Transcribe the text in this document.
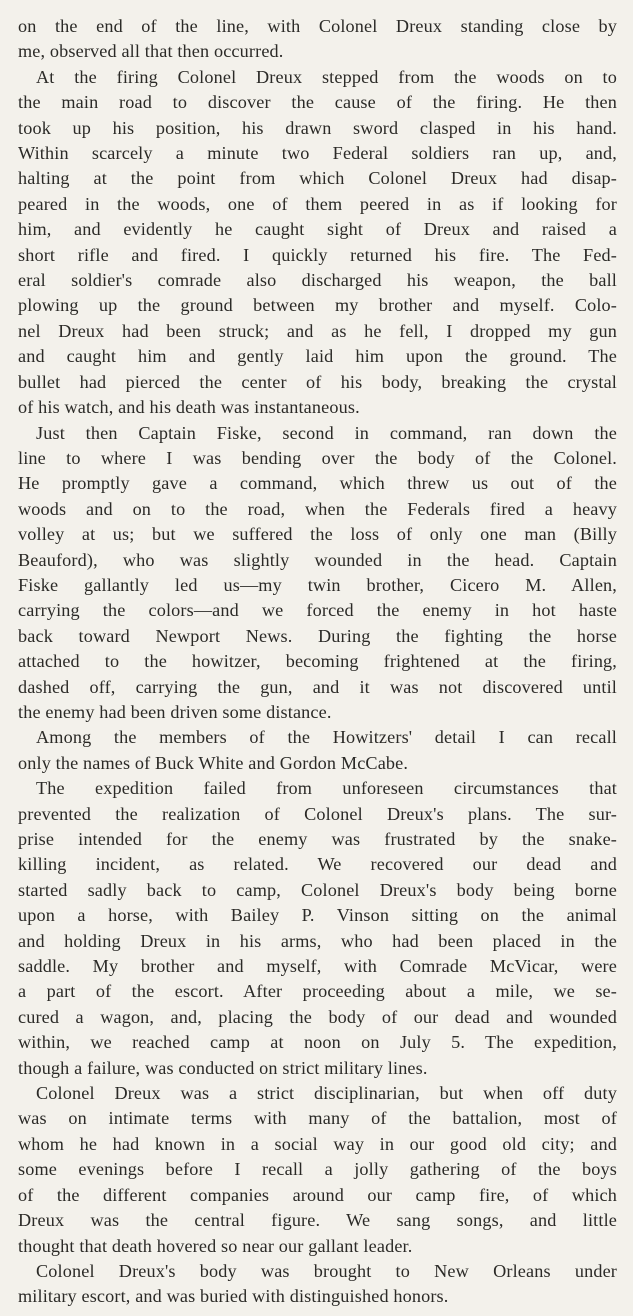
on the end of the line, with Colonel Dreux standing close by
me, observed all that then occurred.
At the firing Colonel Dreux stepped from the woods on to
the main road to discover the cause of the firing. He then
took up his position, his drawn sword clasped in his hand.
Within scarcely a minute two Federal soldiers ran up, and,
halting at the point from which Colonel Dreux had disap-
peared in the woods, one of them peered in as if looking for
him, and evidently he caught sight of Dreux and raised a
short rifle and fired. I quickly returned his fire. The Fed-
eral soldier's comrade also discharged his weapon, the ball
plowing up the ground between my brother and myself. Colo-
nel Dreux had been struck; and as he fell, I dropped my gun
and caught him and gently laid him upon the ground. The
bullet had pierced the center of his body, breaking the crystal
of his watch, and his death was instantaneous.
Just then Captain Fiske, second in command, ran down the
line to where I was bending over the body of the Colonel.
He promptly gave a command, which threw us out of the
woods and on to the road, when the Federals fired a heavy
volley at us; but we suffered the loss of only one man (Billy
Beauford), who was slightly wounded in the head. Captain
Fiske gallantly led us—my twin brother, Cicero M. Allen,
carrying the colors—and we forced the enemy in hot haste
back toward Newport News. During the fighting the horse
attached to the howitzer, becoming frightened at the firing,
dashed off, carrying the gun, and it was not discovered until
the enemy had been driven some distance.
Among the members of the Howitzers' detail I can recall
only the names of Buck White and Gordon McCabe.
The expedition failed from unforeseen circumstances that
prevented the realization of Colonel Dreux's plans. The sur-
prise intended for the enemy was frustrated by the snake-
killing incident, as related. We recovered our dead and
started sadly back to camp, Colonel Dreux's body being borne
upon a horse, with Bailey P. Vinson sitting on the animal
and holding Dreux in his arms, who had been placed in the
saddle. My brother and myself, with Comrade McVicar, were
a part of the escort. After proceeding about a mile, we se-
cured a wagon, and, placing the body of our dead and wounded
within, we reached camp at noon on July 5. The expedition,
though a failure, was conducted on strict military lines.
Colonel Dreux was a strict disciplinarian, but when off duty
was on intimate terms with many of the battalion, most of
whom he had known in a social way in our good old city; and
some evenings before I recall a jolly gathering of the boys
of the different companies around our camp fire, of which
Dreux was the central figure. We sang songs, and little
thought that death hovered so near our gallant leader.
Colonel Dreux's body was brought to New Orleans under
military escort, and was buried with distinguished honors.
